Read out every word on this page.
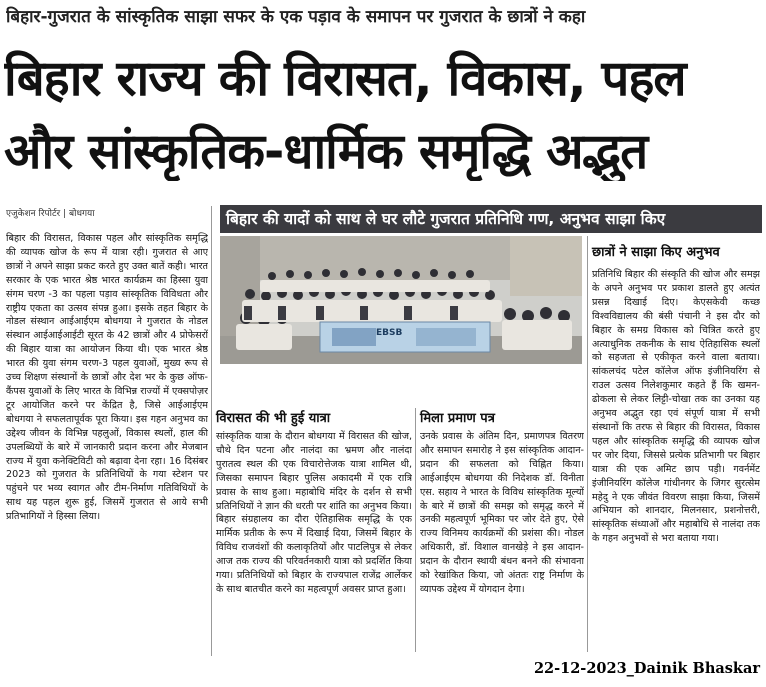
बिहार-गुजरात के सांस्कृतिक साझा सफर के एक पड़ाव के समापन पर गुजरात के छात्रों ने कहा
बिहार राज्य की विरासत, विकास, पहल
और सांस्कृतिक-धार्मिक समृद्धि अद्भुत
एजुकेशन रिपोर्टर | बोधगया
बिहार की विरासत, विकास पहल और सांस्कृतिक समृद्धि की व्यापक खोज के रूप में यात्रा रही। गुजरात से आए छात्रों ने अपने साझा प्रकट करते हुए उक्त बातें कही। भारत सरकार के एक भारत श्रेष्ठ भारत कार्यक्रम का हिस्सा युवा संगम चरण -3 का पहला पड़ाव सांस्कृतिक विविधता और राष्ट्रीय एकता का उत्सव संपन्न हुआ। इसके तहत बिहार के नोडल संस्थान आईआईएम बोधगया ने गुजरात के नोडल संस्थान आईआईआईटी सूरत के 42 छात्रों और 4 प्रोफेसरों की बिहार यात्रा का आयोजन किया थी। एक भारत श्रेष्ठ भारत की युवा संगम चरण-3 पहल युवाओं, मुख्य रूप से उच्च शिक्षण संस्थानों के छात्रों और देश भर के कुछ ऑफ-कैंपस युवाओं के लिए भारत के विभिन्न राज्यों में एक्सपोज़र टूर आयोजित करने पर केंद्रित है, जिसे आईआईएम बोधगया ने सफलतापूर्वक पूरा किया। इस गहन अनुभव का उद्देश्य जीवन के विभिन्न पहलुओं, विकास स्थलों, हाल की उपलब्धियों के बारे में जानकारी प्रदान करना और मेजबान राज्य में युवा कनेक्टिविटी को बढ़ावा देना रहा। 16 दिसंबर 2023 को गुजरात के प्रतिनिधियों के गया स्टेशन पर पहुंचने पर भव्य स्वागत और टीम-निर्माण गतिविधियों के साथ यह पहल शुरू हुई, जिसमें गुजरात से आये सभी प्रतिभागियों ने हिस्सा लिया।
बिहार की यादों को साथ ले घर लौटे गुजरात प्रतिनिधि गण, अनुभव साझा किए
EBSB
विरासत की भी हुई यात्रा
सांस्कृतिक यात्रा के दौरान बोधगया में विरासत की खोज, चौथे दिन पटना और नालंदा का भ्रमण और नालंदा पुरातत्व स्थल की एक विचारोत्तेजक यात्रा शामिल थी, जिसका समापन बिहार पुलिस अकादमी में एक रात्रि प्रवास के साथ हुआ। महाबोधि मंदिर के दर्शन से सभी प्रतिनिधियों ने ज्ञान की धरती पर शांति का अनुभव किया। बिहार संग्रहालय का दौरा ऐतिहासिक समृद्धि के एक मार्मिक प्रतीक के रूप में दिखाई दिया, जिसमें बिहार के विविध राजवंशों की कलाकृतियों और पाटलिपुत्र से लेकर आज तक राज्य की परिवर्तनकारी यात्रा को प्रदर्शित किया गया। प्रतिनिधियों को बिहार के राज्यपाल राजेंद्र आर्लेकर के साथ बातचीत करने का महत्वपूर्ण अवसर प्राप्त हुआ।
मिला प्रमाण पत्र
उनके प्रवास के अंतिम दिन, प्रमाणपत्र वितरण और समापन समारोह ने इस सांस्कृतिक आदान-प्रदान की सफलता को चिह्नित किया। आईआईएम बोधगया की निदेशक डॉ. विनीता एस. सहाय ने भारत के विविध सांस्कृतिक मूल्यों के बारे में छात्रों की समझ को समृद्ध करने में उनकी महत्वपूर्ण भूमिका पर जोर देते हुए, ऐसे राज्य विनिमय कार्यक्रमों की प्रशंसा की। नोडल अधिकारी, डॉ. विशाल वानखेड़े ने इस आदान-प्रदान के दौरान स्थायी बंधन बनने की संभावना को रेखांकित किया, जो अंततः राष्ट्र निर्माण के व्यापक उद्देश्य में योगदान देगा।
छात्रों ने साझा किए अनुभव
प्रतिनिधि बिहार की संस्कृति की खोज और समझ के अपने अनुभव पर प्रकाश डालते हुए अत्यंत प्रसन्न दिखाई दिए। केएसकेवी कच्छ विश्वविद्यालय की बंसी पंचानी ने इस दौर को बिहार के समग्र विकास को चित्रित करते हुए अत्याधुनिक तकनीक के साथ ऐतिहासिक स्थलों को सहजता से एकीकृत करने वाला बताया। सांकलचंद पटेल कॉलेज ऑफ इंजीनियरिंग से राउल उत्सव निलेशकुमार कहते हैं कि खमन-ढोकला से लेकर लिट्टी-चोखा तक का उनका यह अनुभव अद्भुत रहा एवं संपूर्ण यात्रा में सभी संस्थानों कि तरफ से बिहार की विरासत, विकास पहल और सांस्कृतिक समृद्धि की व्यापक खोज पर जोर दिया, जिससे प्रत्येक प्रतिभागी पर बिहार यात्रा की एक अमिट छाप पड़ी। गवर्नमेंट इंजीनियरिंग कॉलेज गांधीनगर के जिगर सुरत्सेम महेदु ने एक जीवंत विवरण साझा किया, जिसमें अभियान को शानदार, मिलनसार, प्रशनोत्तरी, सांस्कृतिक संध्याओं और महाबोधि से नालंदा तक के गहन अनुभवों से भरा बताया गया।
22-12-2023_Dainik Bhaskar
